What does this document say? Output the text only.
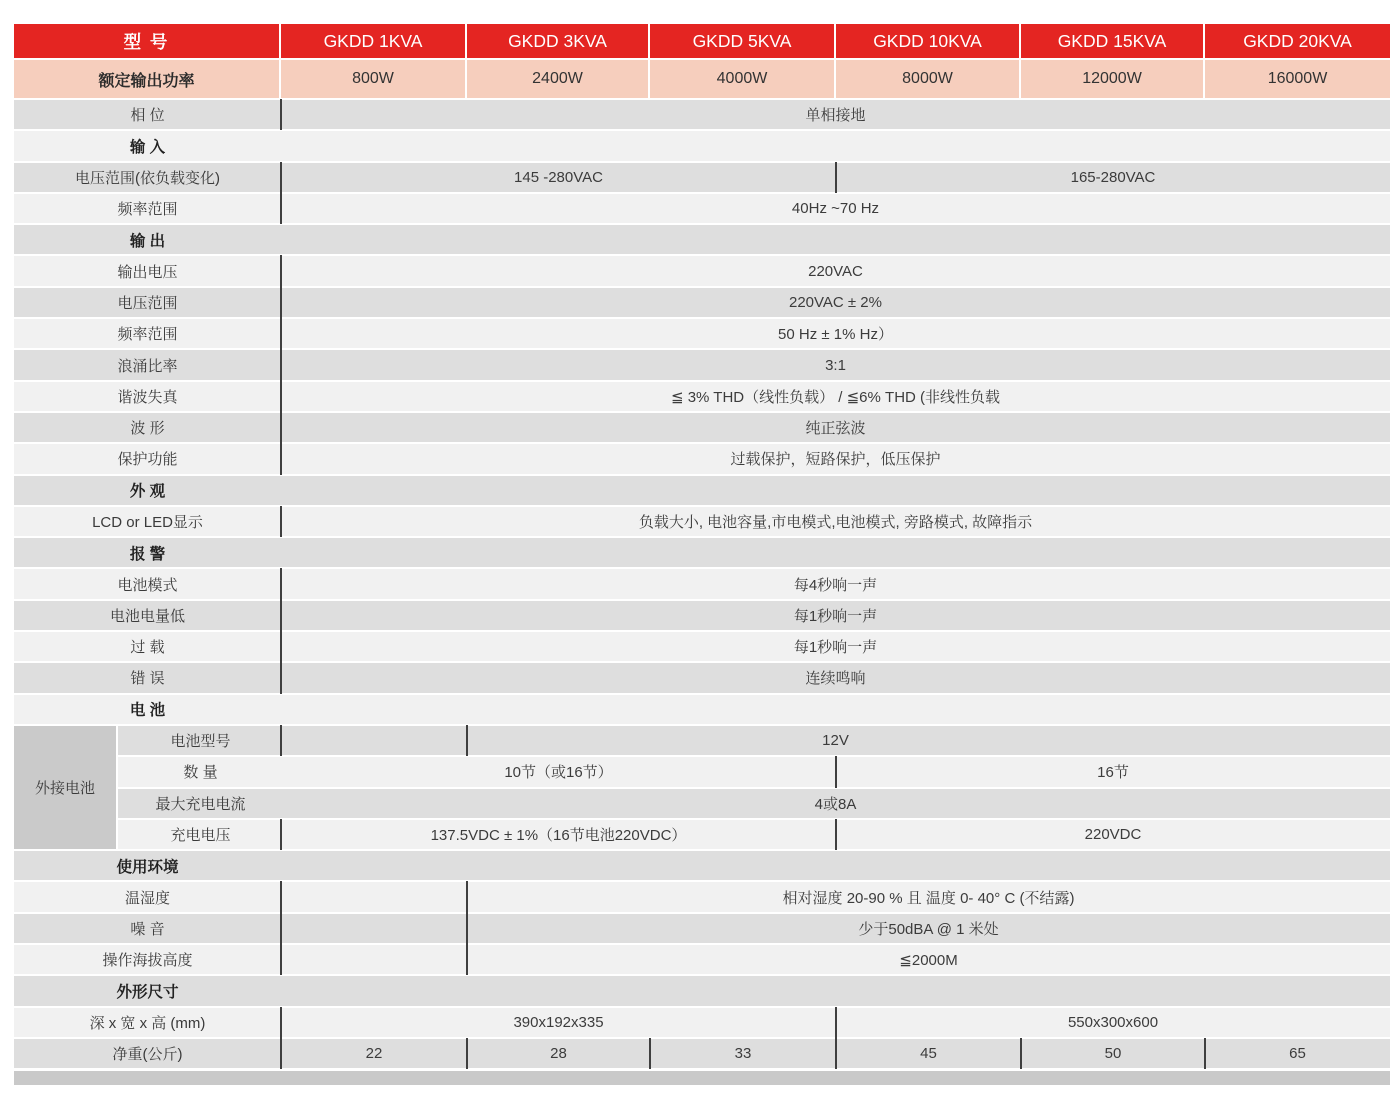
型 号	GKDD 1KVA	GKDD 3KVA	GKDD 5KVA	GKDD 10KVA	GKDD 15KVA	GKDD 20KVA
额定输出功率	800W	2400W	4000W	8000W	12000W	16000W
相 位	单相接地
输 入
电压范围(依负载变化)	145 -280VAC	165-280VAC
频率范围	40Hz ~70 Hz
输 出
输出电压	220VAC
电压范围	220VAC ± 2%
频率范围	50 Hz ± 1% Hz）
浪涌比率	3:1
谐波失真	≦ 3% THD（线性负载） / ≦6% THD (非线性负载
波 形	纯正弦波
保护功能	过载保护，短路保护，低压保护
外 观
LCD or LED显示	负载大小, 电池容量,市电模式,电池模式, 旁路模式, 故障指示
报 警
电池模式	每4秒响一声
电池电量低	每1秒响一声
过 载	每1秒响一声
错 误	连续鸣响
电 池
电池型号	12V
数 量	10节（或16节）	16节
最大充电电流	4或8A
充电电压	137.5VDC ± 1%（16节电池220VDC）	220VDC
使用环境
温湿度	相对湿度 20-90 % 且 温度 0- 40° C (不结露)
噪 音	少于50dBA @ 1 米处
操作海拔高度	≦2000M
外形尺寸
深 x 宽 x 高 (mm)	390x192x335	550x300x600
净重(公斤)	22	28	33	45	50	65
外接电池
